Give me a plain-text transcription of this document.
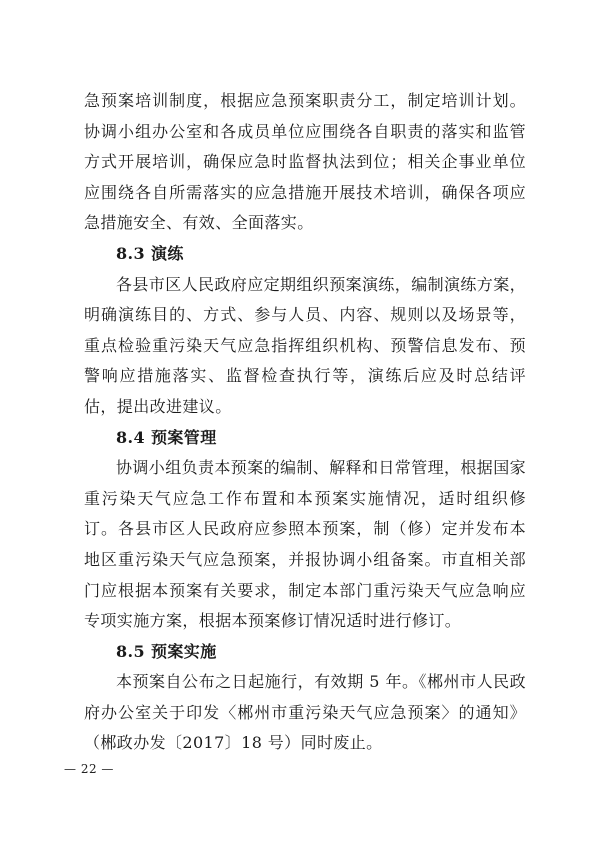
急预案培训制度，根据应急预案职责分工，制定培训计划。协调小组办公室和各成员单位应围绕各自职责的落实和监管方式开展培训，确保应急时监督执法到位；相关企事业单位应围绕各自所需落实的应急措施开展技术培训，确保各项应急措施安全、有效、全面落实。

8.3 演练

各县市区人民政府应定期组织预案演练，编制演练方案，明确演练目的、方式、参与人员、内容、规则以及场景等，重点检验重污染天气应急指挥组织机构、预警信息发布、预警响应措施落实、监督检查执行等，演练后应及时总结评估，提出改进建议。

8.4 预案管理

协调小组负责本预案的编制、解释和日常管理，根据国家重污染天气应急工作布置和本预案实施情况，适时组织修订。各县市区人民政府应参照本预案，制（修）定并发布本地区重污染天气应急预案，并报协调小组备案。市直相关部门应根据本预案有关要求，制定本部门重污染天气应急响应专项实施方案，根据本预案修订情况适时进行修订。

8.5 预案实施

本预案自公布之日起施行，有效期 5 年。《郴州市人民政府办公室关于印发〈郴州市重污染天气应急预案〉的通知》（郴政办发〔2017〕18 号）同时废止。

— 22 —
